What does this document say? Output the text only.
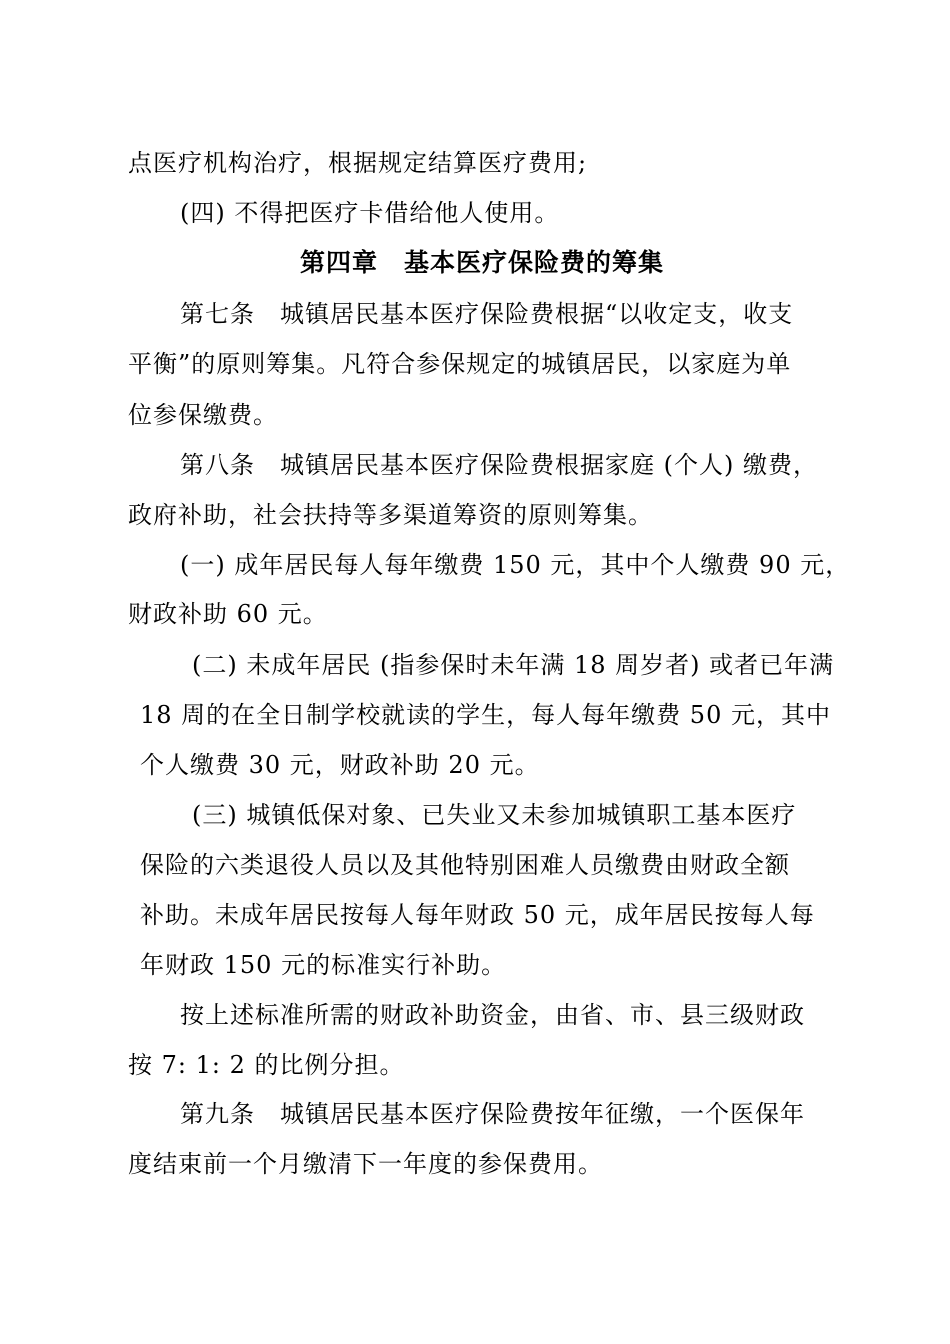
点医疗机构治疗，根据规定结算医疗费用;
(四) 不得把医疗卡借给他人使用。
第四章　基本医疗保险费的筹集
第七条　城镇居民基本医疗保险费根据“以收定支，收支
平衡”的原则筹集。凡符合参保规定的城镇居民，以家庭为单
位参保缴费。
第八条　城镇居民基本医疗保险费根据家庭 (个人) 缴费，
政府补助，社会扶持等多渠道筹资的原则筹集。
(一) 成年居民每人每年缴费 150 元，其中个人缴费 90 元，
财政补助 60 元。
(二) 未成年居民 (指参保时未年满 18 周岁者) 或者已年满
18 周的在全日制学校就读的学生，每人每年缴费 50 元，其中
个人缴费 30 元，财政补助 20 元。
(三) 城镇低保对象、已失业又未参加城镇职工基本医疗
保险的六类退役人员以及其他特别困难人员缴费由财政全额
补助。未成年居民按每人每年财政 50 元，成年居民按每人每
年财政 150 元的标准实行补助。
按上述标准所需的财政补助资金，由省、市、县三级财政
按 7: 1: 2 的比例分担。
第九条　城镇居民基本医疗保险费按年征缴，一个医保年
度结束前一个月缴清下一年度的参保费用。
